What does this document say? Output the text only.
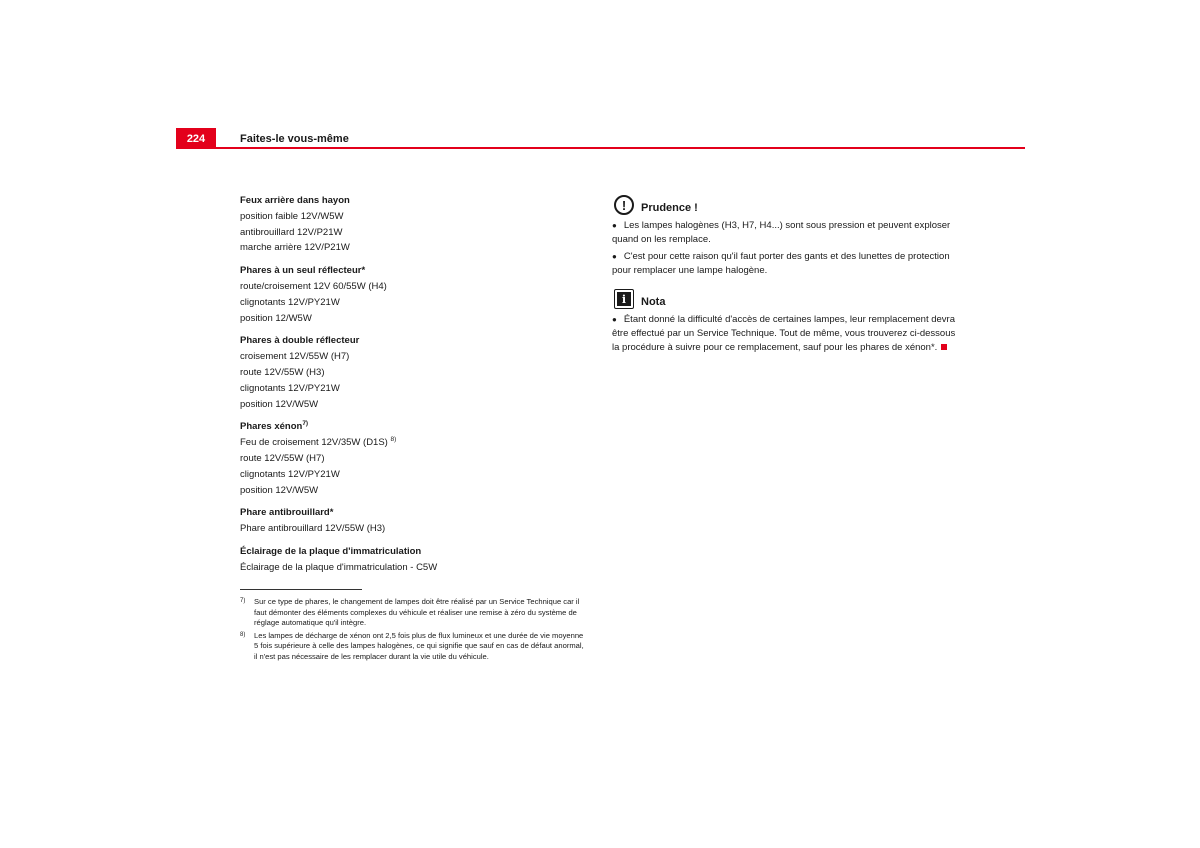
224	Faites-le vous-même
Feux arrière dans hayon
position faible 12V/W5W
antibrouillard 12V/P21W
marche arrière 12V/P21W
Phares à un seul réflecteur*
route/croisement 12V 60/55W (H4)
clignotants 12V/PY21W
position 12/W5W
Phares à double réflecteur
croisement 12V/55W (H7)
route 12V/55W (H3)
clignotants 12V/PY21W
position 12V/W5W
Phares xénon$^{7)}$
Feu de croisement 12V/35W (D1S) $^{8)}$
route 12V/55W (H7)
clignotants 12V/PY21W
position 12V/W5W
Phare antibrouillard*
Phare antibrouillard 12V/55W (H3)
Éclairage de la plaque d'immatriculation
Éclairage de la plaque d'immatriculation - C5W
7)	Sur ce type de phares, le changement de lampes doit être réalisé par un Service Technique car il faut démonter des éléments complexes du véhicule et réaliser une remise à zéro du système de réglage automatique qu'il intègre.
8)	Les lampes de décharge de xénon ont 2,5 fois plus de flux lumineux et une durée de vie moyenne 5 fois supérieure à celle des lampes halogènes, ce qui signifie que sauf en cas de défaut anormal, il n'est pas nécessaire de les remplacer durant la vie utile du véhicule.
!	Prudence !
● Les lampes halogènes (H3, H7, H4...) sont sous pression et peuvent exploser quand on les remplace.
● C'est pour cette raison qu'il faut porter des gants et des lunettes de protection pour remplacer une lampe halogène.
i	Nota
● Étant donné la difficulté d'accès de certaines lampes, leur remplacement devra être effectué par un Service Technique. Tout de même, vous trouverez ci-dessous la procédure à suivre pour ce remplacement, sauf pour les phares de xénon*.
